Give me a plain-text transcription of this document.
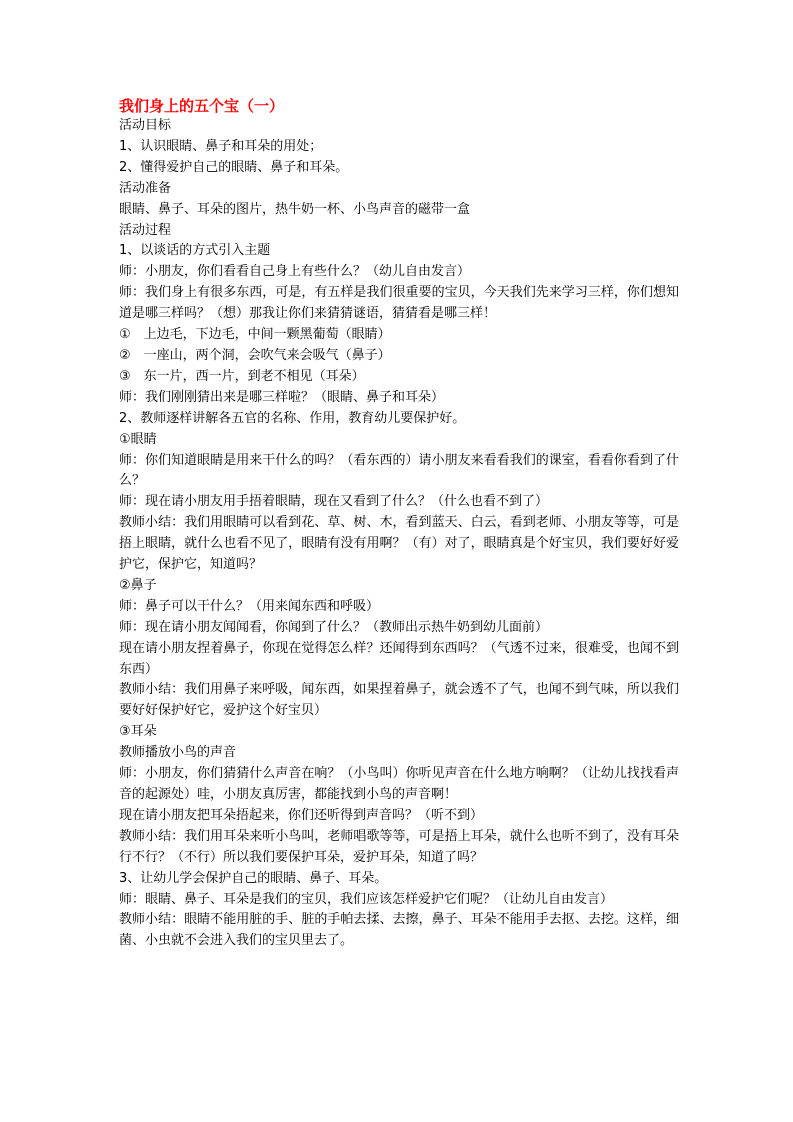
我们身上的五个宝（一）
活动目标
1、认识眼睛、鼻子和耳朵的用处；
2、懂得爱护自己的眼睛、鼻子和耳朵。
活动准备
眼睛、鼻子、耳朵的图片，热牛奶一杯、小鸟声音的磁带一盒
活动过程
1、以谈话的方式引入主题
师：小朋友，你们看看自己身上有些什么？（幼儿自由发言）
师：我们身上有很多东西，可是，有五样是我们很重要的宝贝，今天我们先来学习三样，你们想知道是哪三样吗？（想）那我让你们来猜猜谜语，猜猜看是哪三样！
①　上边毛，下边毛，中间一颗黑葡萄（眼睛）
②　一座山，两个洞，会吹气来会吸气（鼻子）
③　东一片，西一片，到老不相见（耳朵）
师：我们刚刚猜出来是哪三样啦？（眼睛、鼻子和耳朵）
2、教师逐样讲解各五官的名称、作用，教育幼儿要保护好。
①眼睛
师：你们知道眼睛是用来干什么的吗？（看东西的）请小朋友来看看我们的课室，看看你看到了什么？
师：现在请小朋友用手捂着眼睛，现在又看到了什么？（什么也看不到了）
教师小结：我们用眼睛可以看到花、草、树、木，看到蓝天、白云，看到老师、小朋友等等，可是捂上眼睛，就什么也看不见了，眼睛有没有用啊？（有）对了，眼睛真是个好宝贝，我们要好好爱护它，保护它，知道吗？
②鼻子
师：鼻子可以干什么？（用来闻东西和呼吸）
师：现在请小朋友闻闻看，你闻到了什么？（教师出示热牛奶到幼儿面前）
现在请小朋友捏着鼻子，你现在觉得怎么样？还闻得到东西吗？（气透不过来，很难受，也闻不到东西）
教师小结：我们用鼻子来呼吸，闻东西，如果捏着鼻子，就会透不了气，也闻不到气味，所以我们要好好保护好它，爱护这个好宝贝）
③耳朵
教师播放小鸟的声音
师：小朋友，你们猜猜什么声音在响？（小鸟叫）你听见声音在什么地方响啊？（让幼儿找找看声音的起源处）哇，小朋友真厉害，都能找到小鸟的声音啊！
现在请小朋友把耳朵捂起来，你们还听得到声音吗？（听不到）
教师小结：我们用耳朵来听小鸟叫，老师唱歌等等，可是捂上耳朵，就什么也听不到了，没有耳朵行不行？（不行）所以我们要保护耳朵，爱护耳朵，知道了吗？
3、让幼儿学会保护自己的眼睛、鼻子、耳朵。
师：眼睛、鼻子、耳朵是我们的宝贝，我们应该怎样爱护它们呢？（让幼儿自由发言）
教师小结：眼睛不能用脏的手、脏的手帕去揉、去擦，鼻子、耳朵不能用手去抠、去挖。这样，细菌、小虫就不会进入我们的宝贝里去了。
